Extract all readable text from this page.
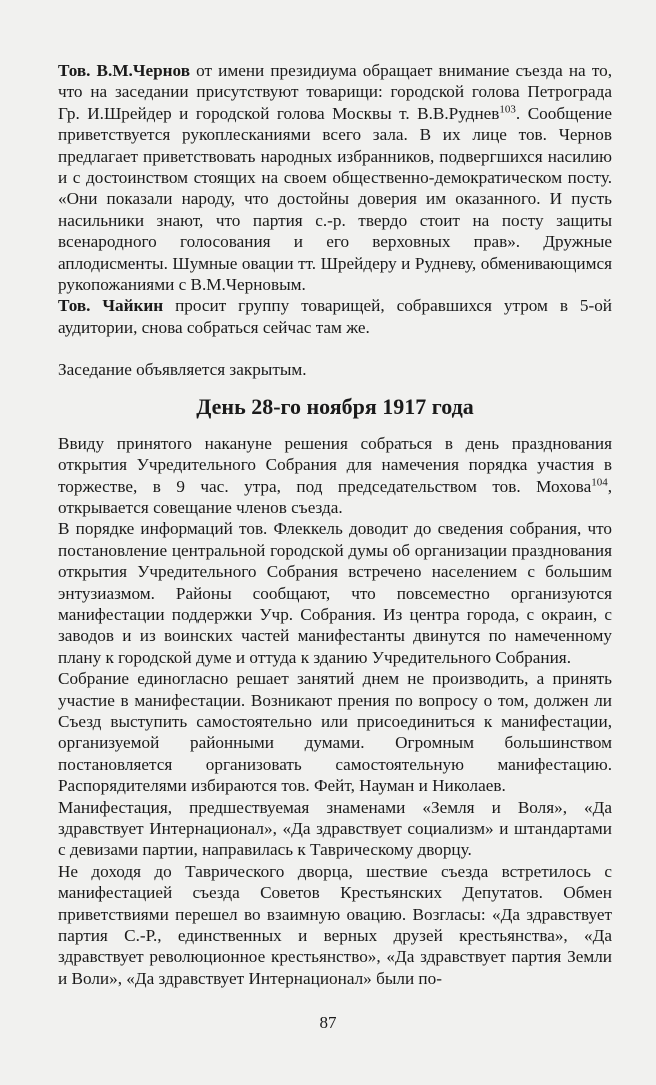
Тов. В.М.Чернов от имени президиума обращает внимание съезда на то, что на заседании присутствуют товарищи: городской голова Петрограда Гр. И.Шрейдер и городской голова Москвы т. В.В.Руднев$^{103}$. Сообщение приветствуется рукоплесканиями всего зала. В их лице тов. Чернов предлагает приветствовать народных избранников, подвергшихся насилию и с достоинством стоящих на своем общественно-демократическом посту. «Они показали народу, что достойны доверия им оказанного. И пусть насильники знают, что партия с.-р. твердо стоит на посту защиты всенародного голосования и его верховных прав». Дружные аплодисменты. Шумные овации тт. Шрейдеру и Рудневу, обменивающимся рукопожаниями с В.М.Черновым.

Тов. Чайкин просит группу товарищей, собравшихся утром в 5-ой аудитории, снова собраться сейчас там же.

Заседание объявляется закрытым.

День 28-го ноября 1917 года

Ввиду принятого накануне решения собраться в день празднования открытия Учредительного Собрания для намечения порядка участия в торжестве, в 9 час. утра, под председательством тов. Мохова$^{104}$, открывается совещание членов съезда.

В порядке информаций тов. Флеккель доводит до сведения собрания, что постановление центральной городской думы об организации празднования открытия Учредительного Собрания встречено населением с большим энтузиазмом. Районы сообщают, что повсеместно организуются манифестации поддержки Учр. Собрания. Из центра города, с окраин, с заводов и из воинских частей манифестанты двинутся по намеченному плану к городской думе и оттуда к зданию Учредительного Собрания.

Собрание единогласно решает занятий днем не производить, а принять участие в манифестации. Возникают прения по вопросу о том, должен ли Съезд выступить самостоятельно или присоединиться к манифестации, организуемой районными думами. Огромным большинством постановляется организовать самостоятельную манифестацию. Распорядителями избираются тов. Фейт, Науман и Николаев.

Манифестация, предшествуемая знаменами «Земля и Воля», «Да здравствует Интернационал», «Да здравствует социализм» и штандартами с девизами партии, направилась к Таврическому дворцу.

Не доходя до Таврического дворца, шествие съезда встретилось с манифестацией съезда Советов Крестьянских Депутатов. Обмен приветствиями перешел во взаимную овацию. Возгласы: «Да здравствует партия С.-Р., единственных и верных друзей крестьянства», «Да здравствует революционное крестьянство», «Да здравствует партия Земли и Воли», «Да здравствует Интернационал» были по-

87
